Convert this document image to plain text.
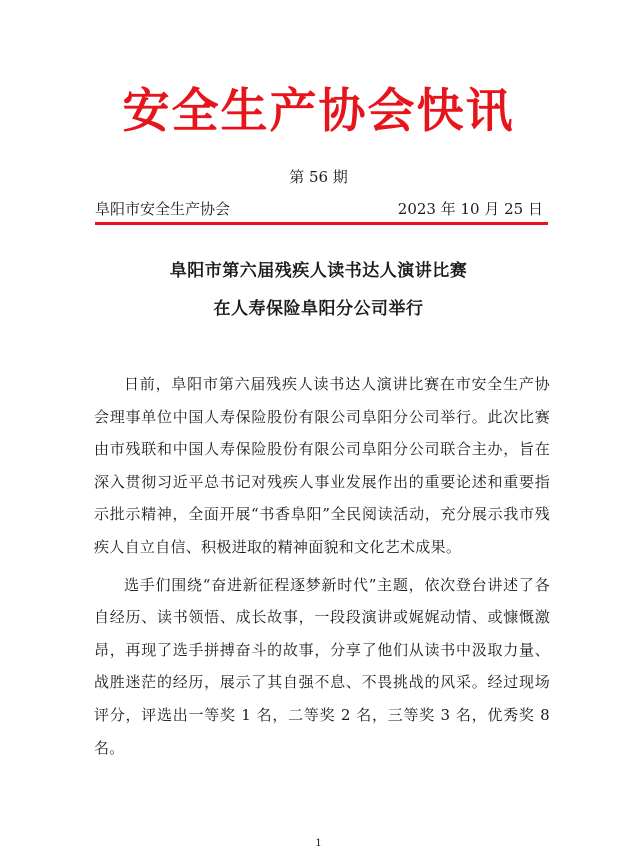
安全生产协会快讯
第 56 期
阜阳市安全生产协会	2023 年 10 月 25 日
阜阳市第六届残疾人读书达人演讲比赛
在人寿保险阜阳分公司举行

日前，阜阳市第六届残疾人读书达人演讲比赛在市安全生产协会理事单位中国人寿保险股份有限公司阜阳分公司举行。此次比赛由市残联和中国人寿保险股份有限公司阜阳分公司联合主办，旨在深入贯彻习近平总书记对残疾人事业发展作出的重要论述和重要指示批示精神，全面开展“书香阜阳”全民阅读活动，充分展示我市残疾人自立自信、积极进取的精神面貌和文化艺术成果。

选手们围绕“奋进新征程逐梦新时代”主题，依次登台讲述了各自经历、读书领悟、成长故事，一段段演讲或娓娓动情、或慷慨激昂，再现了选手拼搏奋斗的故事，分享了他们从读书中汲取力量、战胜迷茫的经历，展示了其自强不息、不畏挑战的风采。经过现场评分，评选出一等奖 1 名，二等奖 2 名，三等奖 3 名，优秀奖 8 名。

1
